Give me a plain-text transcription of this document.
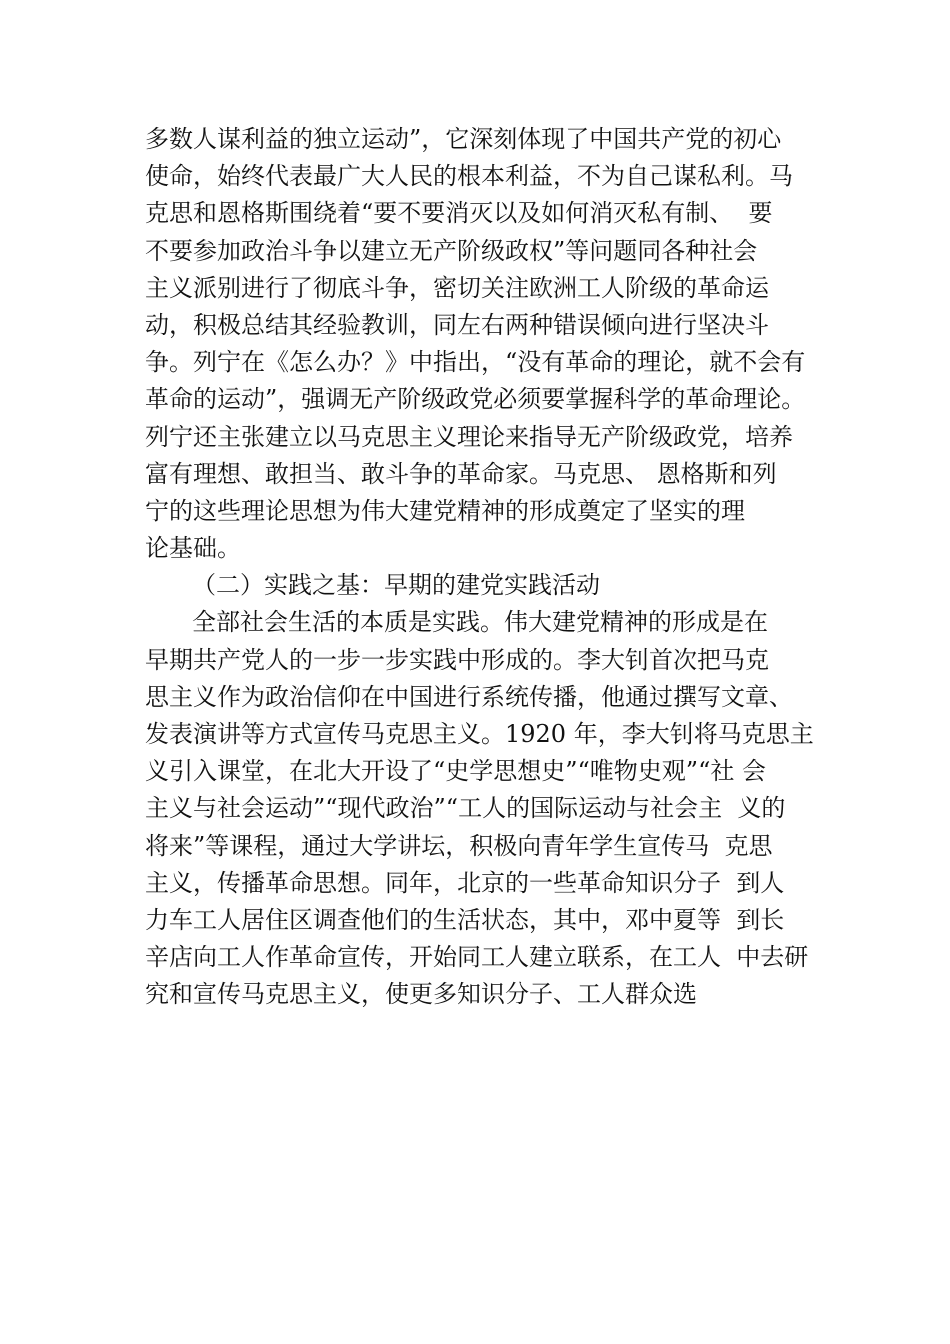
多数人谋利益的独立运动”，它深刻体现了中国共产党的初心
使命，始终代表最广大人民的根本利益，不为自己谋私利。马
克思和恩格斯围绕着“要不要消灭以及如何消灭私有制、  要
不要参加政治斗争以建立无产阶级政权”等问题同各种社会
主义派别进行了彻底斗争，密切关注欧洲工人阶级的革命运
动，积极总结其经验教训，同左右两种错误倾向进行坚决斗
争。列宁在《怎么办？》中指出，“没有革命的理论，就不会有
革命的运动”，强调无产阶级政党必须要掌握科学的革命理论。
列宁还主张建立以马克思主义理论来指导无产阶级政党，培养
富有理想、敢担当、敢斗争的革命家。马克思、 恩格斯和列
宁的这些理论思想为伟大建党精神的形成奠定了坚实的理
论基础。
（二）实践之基：早期的建党实践活动
全部社会生活的本质是实践。伟大建党精神的形成是在
早期共产党人的一步一步实践中形成的。李大钊首次把马克
思主义作为政治信仰在中国进行系统传播，他通过撰写文章、
发表演讲等方式宣传马克思主义。1920 年，李大钊将马克思主
义引入课堂，在北大开设了“史学思想史”“唯物史观”“社 会
主义与社会运动”“现代政治”“工人的国际运动与社会主  义的
将来”等课程，通过大学讲坛，积极向青年学生宣传马  克思
主义，传播革命思想。同年，北京的一些革命知识分子  到人
力车工人居住区调查他们的生活状态，其中，邓中夏等  到长
辛店向工人作革命宣传，开始同工人建立联系，在工人  中去研
究和宣传马克思主义，使更多知识分子、工人群众选
